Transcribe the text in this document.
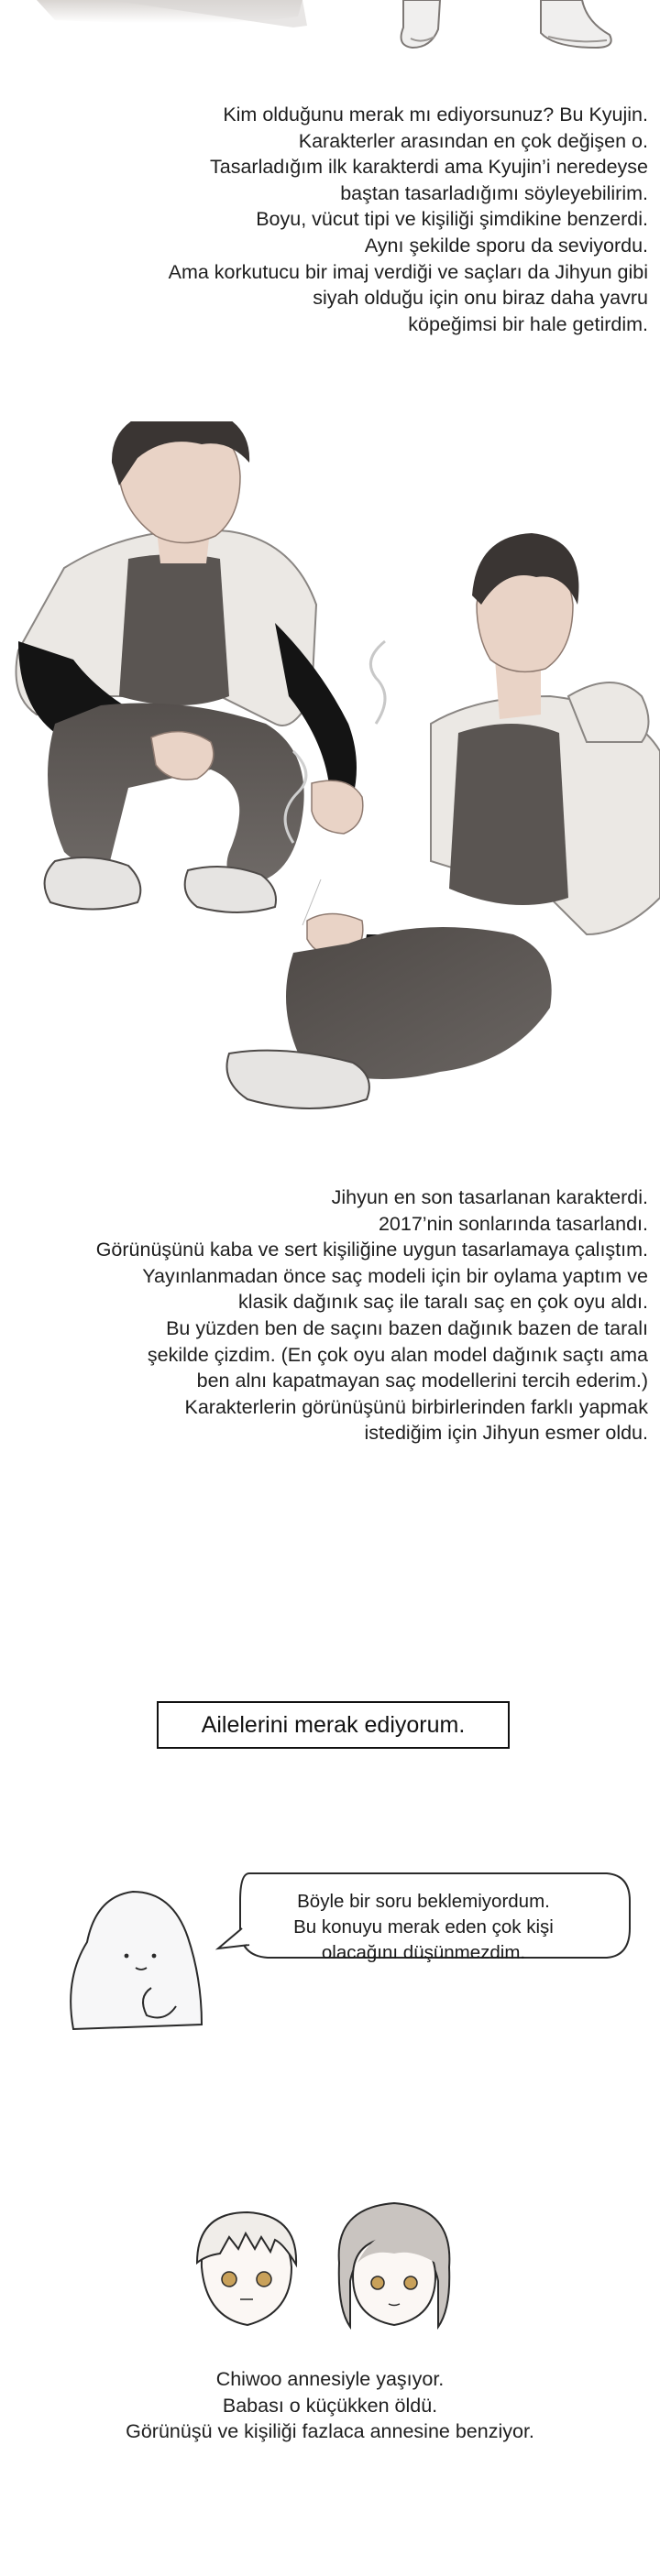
Kim olduğunu merak mı ediyorsunuz? Bu Kyujin.
Karakterler arasından en çok değişen o.
Tasarladığım ilk karakterdi ama Kyujin’i neredeyse
baştan tasarladığımı söyleyebilirim.
Boyu, vücut tipi ve kişiliği şimdikine benzerdi.
Aynı şekilde sporu da seviyordu.
Ama korkutucu bir imaj verdiği ve saçları da Jihyun gibi
siyah olduğu için onu biraz daha yavru
köpeğimsi bir hale getirdim.
Jihyun en son tasarlanan karakterdi.
2017’nin sonlarında tasarlandı.
Görünüşünü kaba ve sert kişiliğine uygun tasarlamaya çalıştım.
Yayınlanmadan önce saç modeli için bir oylama yaptım ve
klasik dağınık saç ile taralı saç en çok oyu aldı.
Bu yüzden ben de saçını bazen dağınık bazen de taralı
şekilde çizdim. (En çok oyu alan model dağınık saçtı ama
ben alnı kapatmayan saç modellerini tercih ederim.)
Karakterlerin görünüşünü birbirlerinden farklı yapmak
istediğim için Jihyun esmer oldu.
Ailelerini merak ediyorum.
Böyle bir soru beklemiyordum.
Bu konuyu merak eden çok kişi
olacağını düşünmezdim.
Chiwoo annesiyle yaşıyor.
Babası o küçükken öldü.
Görünüşü ve kişiliği fazlaca annesine benziyor.
